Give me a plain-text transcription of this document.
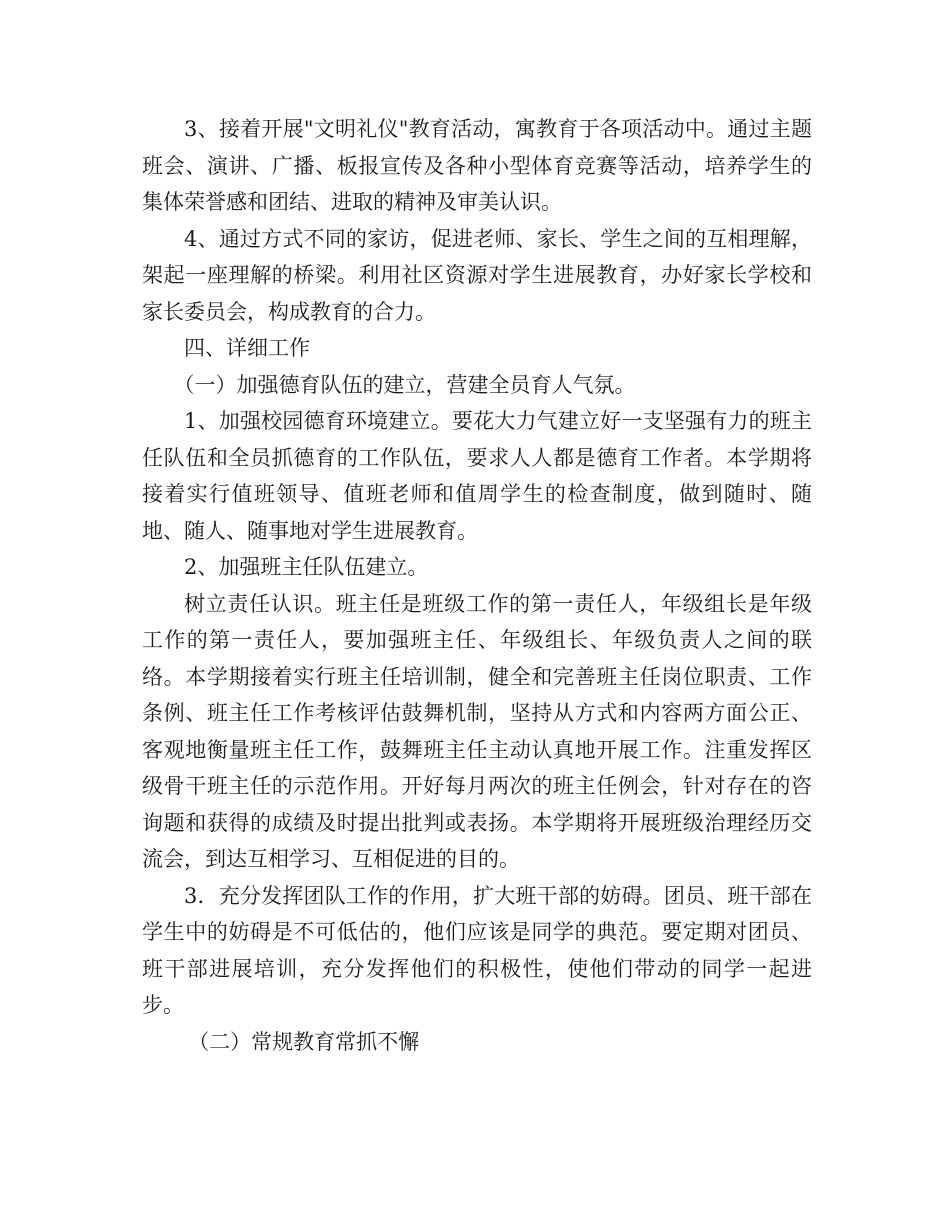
3、接着开展"文明礼仪"教育活动，寓教育于各项活动中。通过主题班会、演讲、广播、板报宣传及各种小型体育竞赛等活动，培养学生的集体荣誉感和团结、进取的精神及审美认识。

4、通过方式不同的家访，促进老师、家长、学生之间的互相理解，架起一座理解的桥梁。利用社区资源对学生进展教育，办好家长学校和家长委员会，构成教育的合力。

四、详细工作

（一）加强德育队伍的建立，营建全员育人气氛。

1、加强校园德育环境建立。要花大力气建立好一支坚强有力的班主任队伍和全员抓德育的工作队伍，要求人人都是德育工作者。本学期将接着实行值班领导、值班老师和值周学生的检查制度，做到随时、随地、随人、随事地对学生进展教育。

2、加强班主任队伍建立。

树立责任认识。班主任是班级工作的第一责任人，年级组长是年级工作的第一责任人，要加强班主任、年级组长、年级负责人之间的联络。本学期接着实行班主任培训制，健全和完善班主任岗位职责、工作条例、班主任工作考核评估鼓舞机制，坚持从方式和内容两方面公正、客观地衡量班主任工作，鼓舞班主任主动认真地开展工作。注重发挥区级骨干班主任的示范作用。开好每月两次的班主任例会，针对存在的咨询题和获得的成绩及时提出批判或表扬。本学期将开展班级治理经历交流会，到达互相学习、互相促进的目的。

3．充分发挥团队工作的作用，扩大班干部的妨碍。团员、班干部在学生中的妨碍是不可低估的，他们应该是同学的典范。要定期对团员、班干部进展培训，充分发挥他们的积极性，使他们带动的同学一起进步。

（二）常规教育常抓不懈
